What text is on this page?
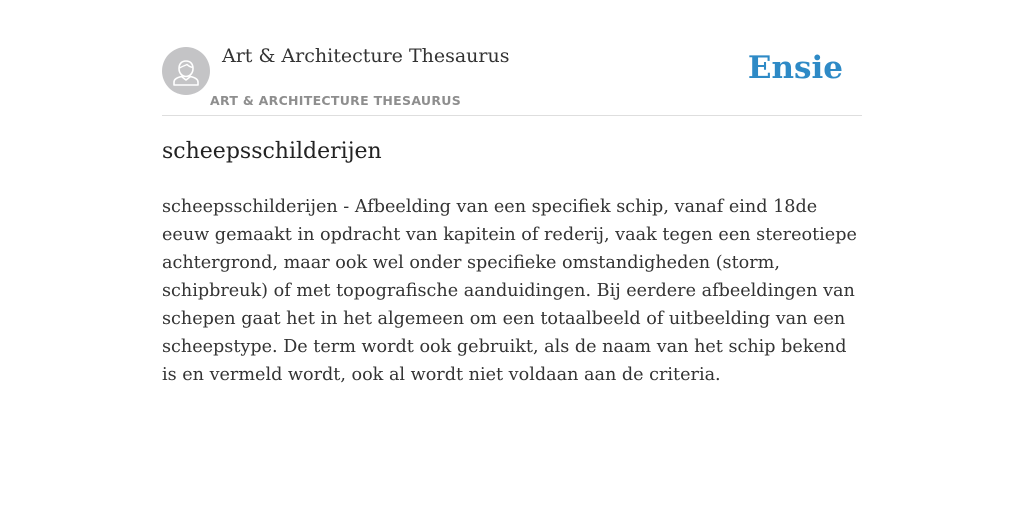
Art & Architecture Thesaurus
ART & ARCHITECTURE THESAURUS
Ensie
scheepsschilderijen

scheepsschilderijen - Afbeelding van een specifiek schip, vanaf eind 18de eeuw gemaakt in opdracht van kapitein of rederij, vaak tegen een stereotiepe achtergrond, maar ook wel onder specifieke omstandigheden (storm, schipbreuk) of met topografische aanduidingen. Bij eerdere afbeeldingen van schepen gaat het in het algemeen om een totaalbeeld of uitbeelding van een scheepstype. De term wordt ook gebruikt, als de naam van het schip bekend is en vermeld wordt, ook al wordt niet voldaan aan de criteria.
